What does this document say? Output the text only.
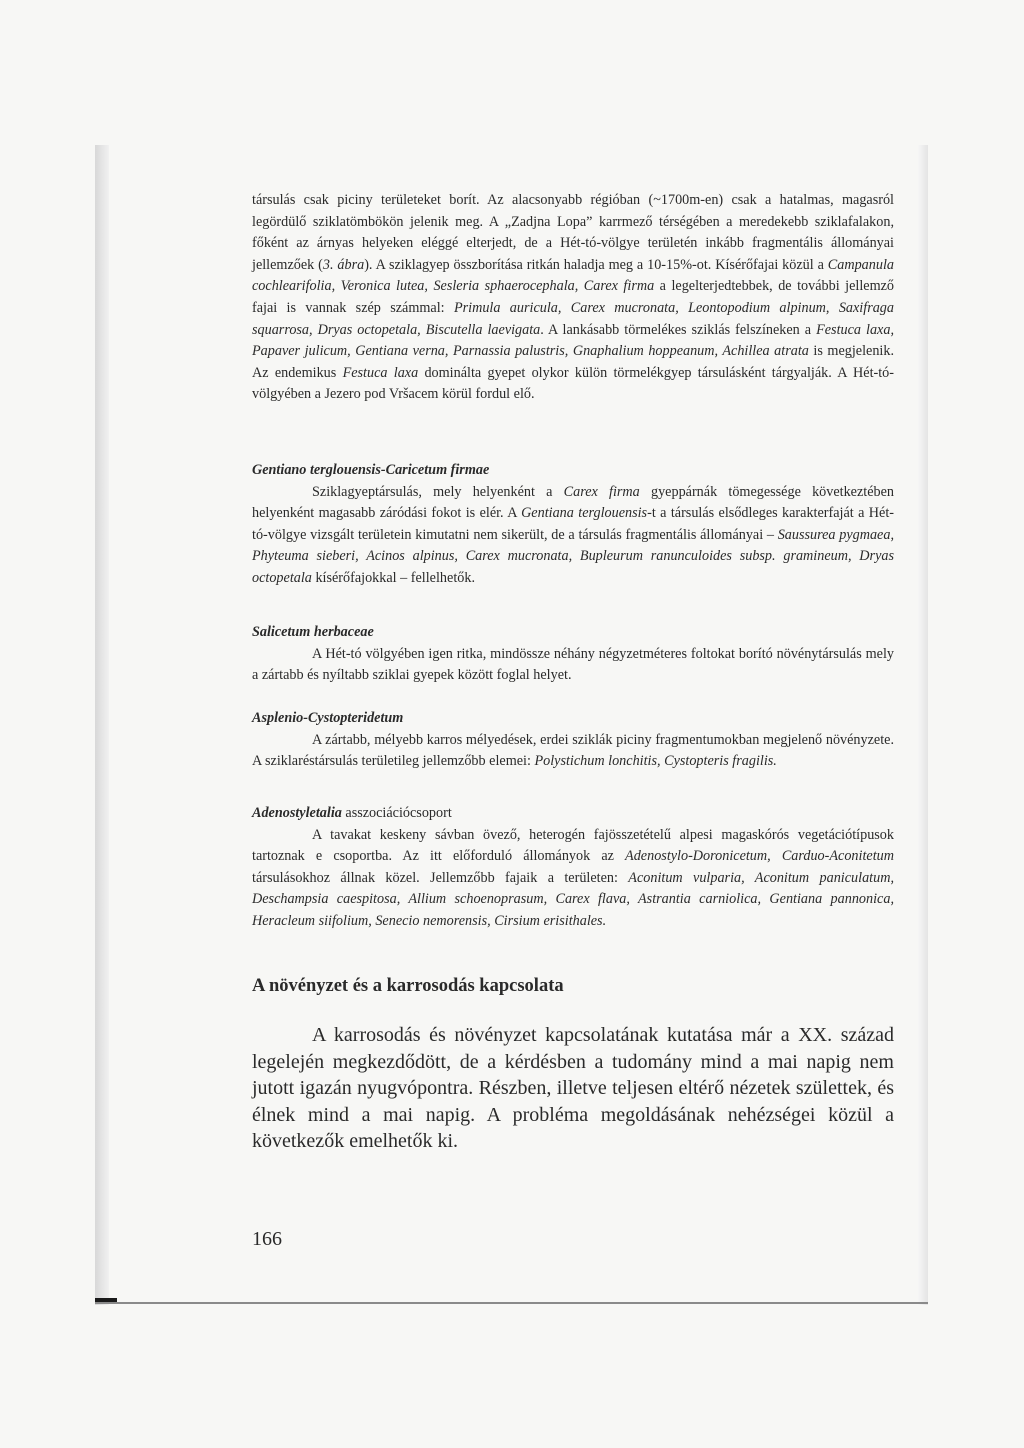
társulás csak piciny területeket borít. Az alacsonyabb régióban (~1700m-en) csak a hatalmas, magasról legördülő sziklatömbökön jelenik meg. A „Zadjna Lopa” karrmező térségében a meredekebb sziklafalakon, főként az árnyas helyeken eléggé elterjedt, de a Hét-tó-völgye területén inkább fragmentális állományai jellemzőek (3. ábra). A sziklagyep összborítása ritkán haladja meg a 10-15%-ot. Kísérőfajai közül a Campanula cochlearifolia, Veronica lutea, Sesleria sphaerocephala, Carex firma a legelterjedtebbek, de további jellemző fajai is vannak szép számmal: Primula auricula, Carex mucronata, Leontopodium alpinum, Saxifraga squarrosa, Dryas octopetala, Biscutella laevigata. A lankásabb törmelékes sziklás felszíneken a Festuca laxa, Papaver julicum, Gentiana verna, Parnassia palustris, Gnaphalium hoppeanum, Achillea atrata is megjelenik. Az endemikus Festuca laxa dominálta gyepet olykor külön törmelékgyep társulásként tárgyalják. A Hét-tó-völgyében a Jezero pod Vršacem körül fordul elő.

Gentiano terglouensis-Caricetum firmae

Sziklagyeptársulás, mely helyenként a Carex firma gyeppárnák tömegessége következtében helyenként magasabb záródási fokot is elér. A Gentiana terglouensis-t a társulás elsődleges karakterfaját a Hét-tó-völgye vizsgált területein kimutatni nem sikerült, de a társulás fragmentális állományai – Saussurea pygmaea, Phyteuma sieberi, Acinos alpinus, Carex mucronata, Bupleurum ranunculoides subsp. gramineum, Dryas octopetala kísérőfajokkal – fellelhetők.

Salicetum herbaceae

A Hét-tó völgyében igen ritka, mindössze néhány négyzetméteres foltokat borító növénytársulás mely a zártabb és nyíltabb sziklai gyepek között foglal helyet.

Asplenio-Cystopteridetum

A zártabb, mélyebb karros mélyedések, erdei sziklák piciny fragmentumokban megjelenő növényzete. A sziklaréstársulás területileg jellemzőbb elemei: Polystichum lonchitis, Cystopteris fragilis.

Adenostyletalia asszociációcsoport

A tavakat keskeny sávban övező, heterogén fajösszetételű alpesi magaskórós vegetációtípusok tartoznak e csoportba. Az itt előforduló állományok az Adenostylo-Doronicetum, Carduo-Aconitetum társulásokhoz állnak közel. Jellemzőbb fajaik a területen: Aconitum vulparia, Aconitum paniculatum, Deschampsia caespitosa, Allium schoenoprasum, Carex flava, Astrantia carniolica, Gentiana pannonica, Heracleum siifolium, Senecio nemorensis, Cirsium erisithales.

A növényzet és a karrosodás kapcsolata

A karrosodás és növényzet kapcsolatának kutatása már a XX. század legelején megkezdődött, de a kérdésben a tudomány mind a mai napig nem jutott igazán nyugvópontra. Részben, illetve teljesen eltérő nézetek születtek, és élnek mind a mai napig. A probléma megoldásának nehézségei közül a következők emelhetők ki.

166
